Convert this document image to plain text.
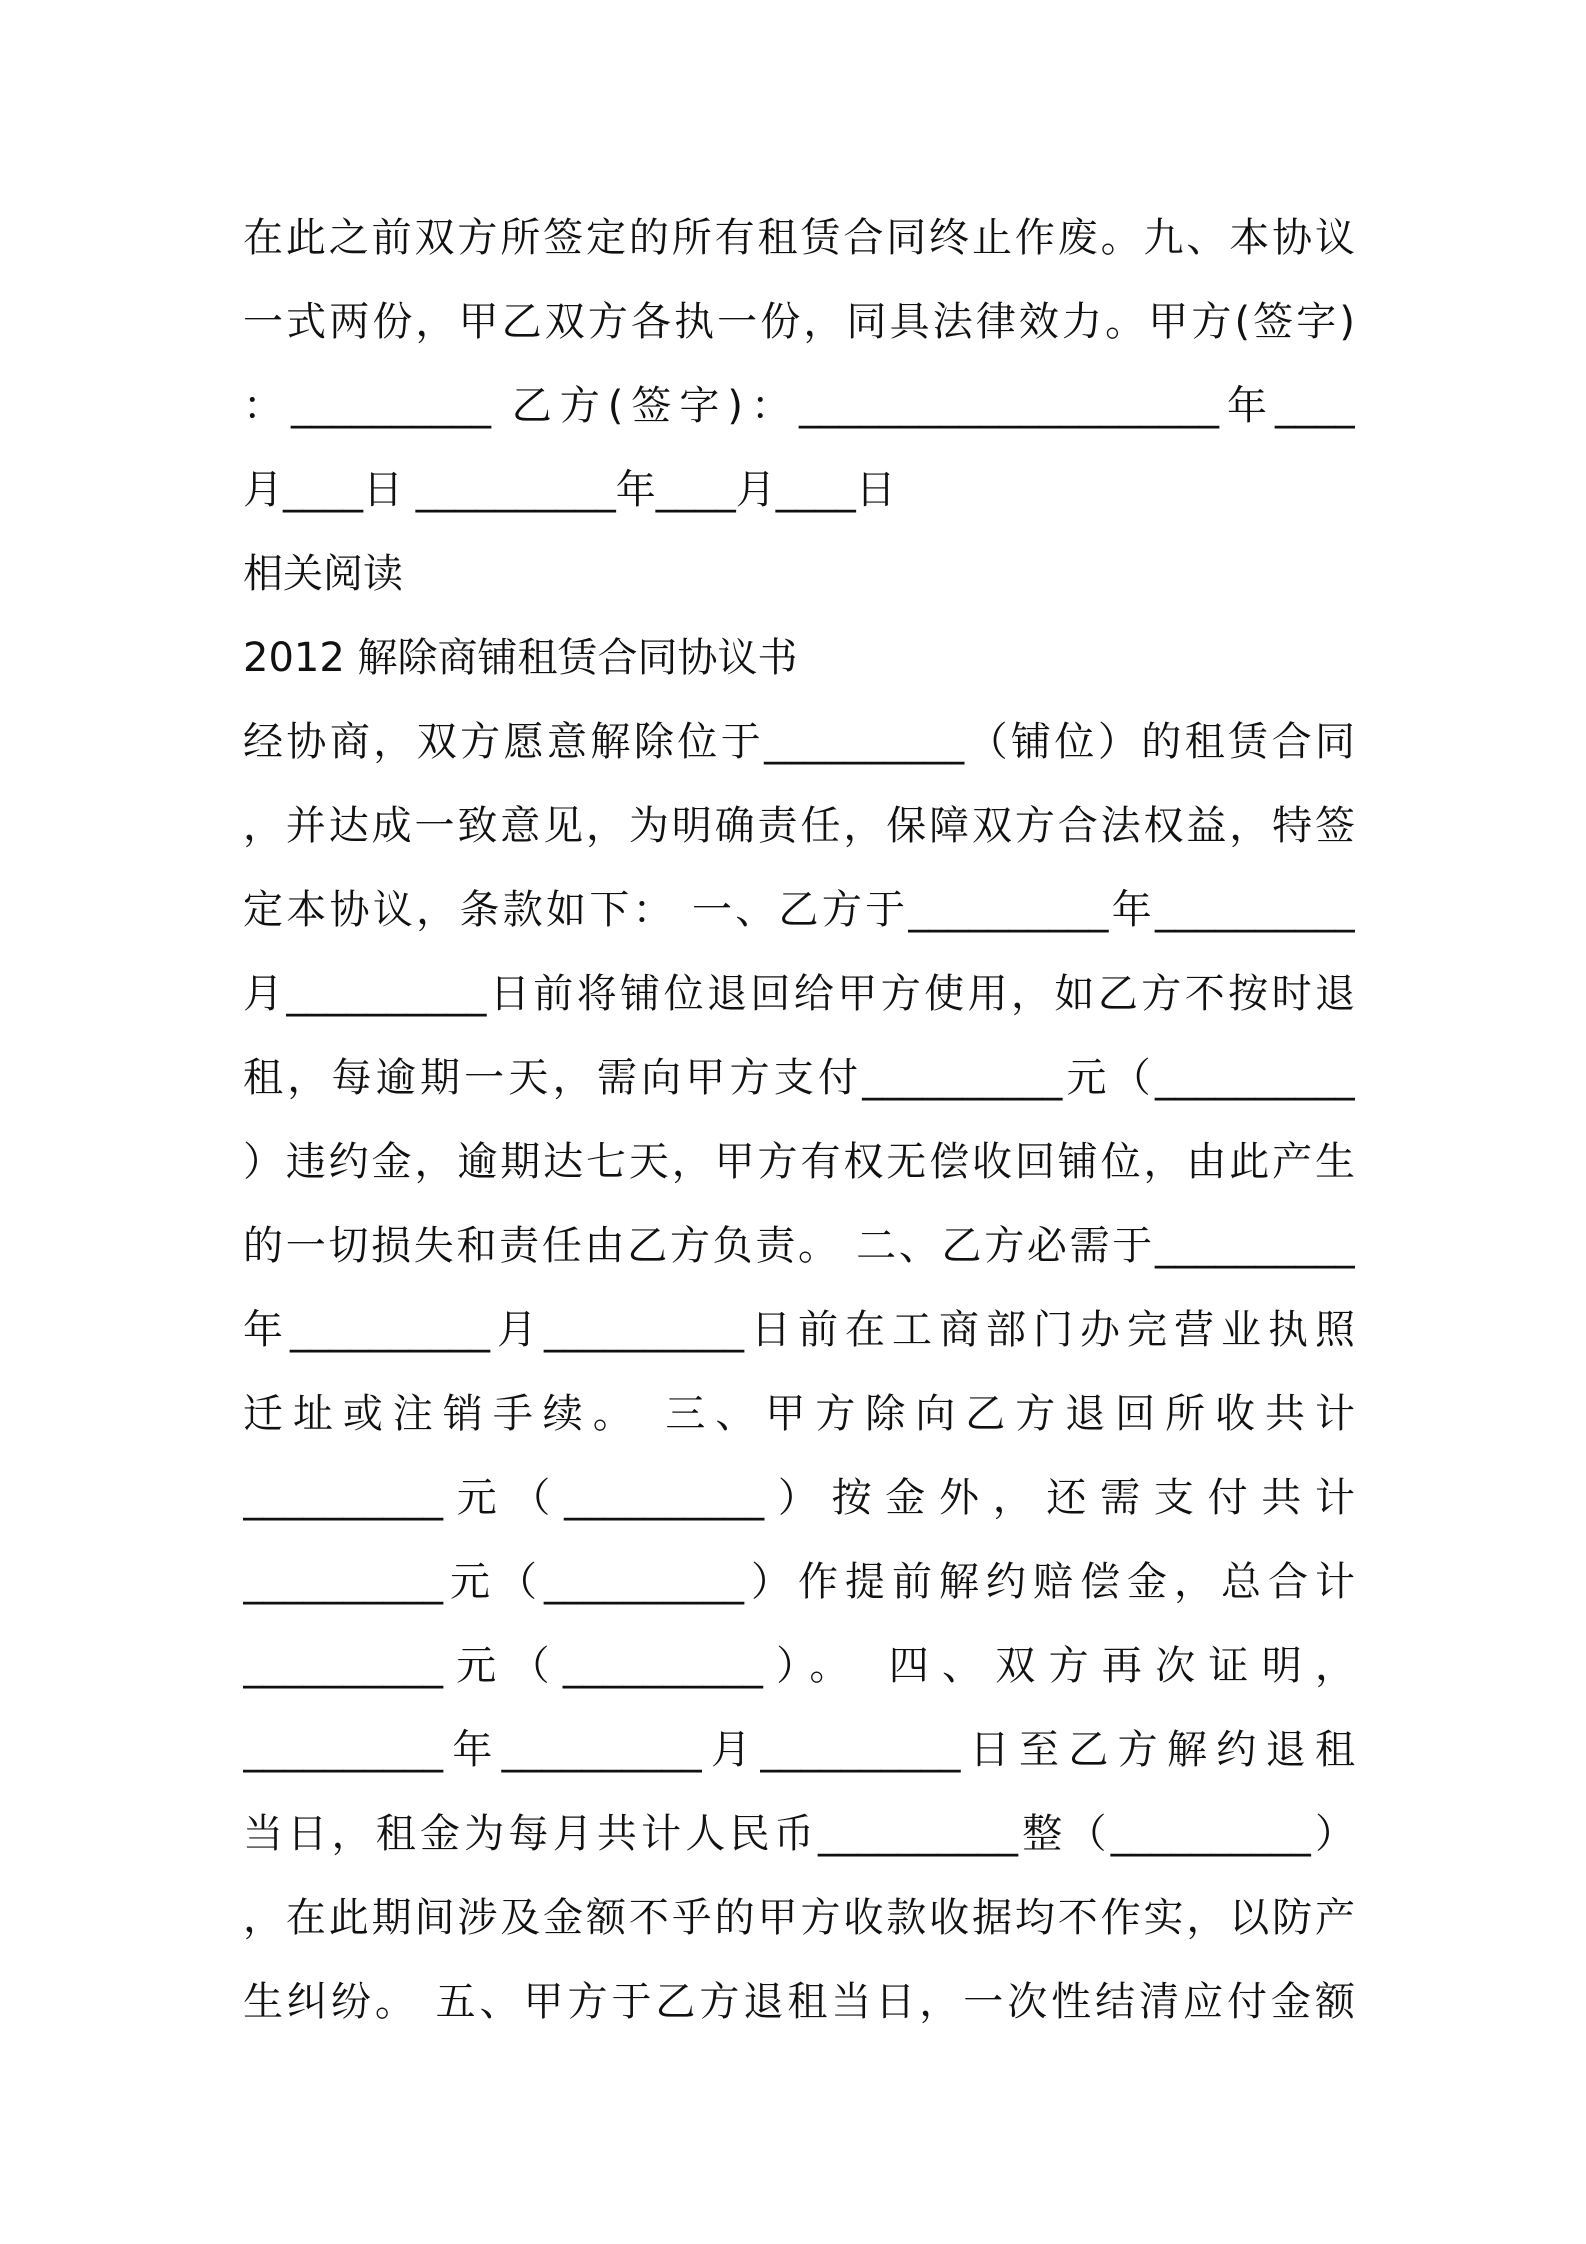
在此之前双方所签定的所有租赁合同终止作废。九、本协议
一式两份，甲乙双方各执一份，同具法律效力。甲方(签字)
：__________ 乙方(签字)：_____________________年____
月____日 __________年____月____日
相关阅读
2012 解除商铺租赁合同协议书
经协商，双方愿意解除位于__________（铺位）的租赁合同
，并达成一致意见，为明确责任，保障双方合法权益，特签
定本协议，条款如下： 一、乙方于__________年__________
月__________日前将铺位退回给甲方使用，如乙方不按时退
租，每逾期一天，需向甲方支付__________元（__________
）违约金，逾期达七天，甲方有权无偿收回铺位，由此产生
的一切损失和责任由乙方负责。 二、乙方必需于__________
年__________月__________日前在工商部门办完营业执照
迁址或注销手续。 三、甲方除向乙方退回所收共计
__________元（__________）按金外，还需支付共计
__________元（__________）作提前解约赔偿金，总合计
__________元（__________）。 四、双方再次证明，
__________年__________月__________日至乙方解约退租
当日，租金为每月共计人民币__________整（__________）
，在此期间涉及金额不乎的甲方收款收据均不作实，以防产
生纠纷。 五、甲方于乙方退租当日，一次性结清应付金额
